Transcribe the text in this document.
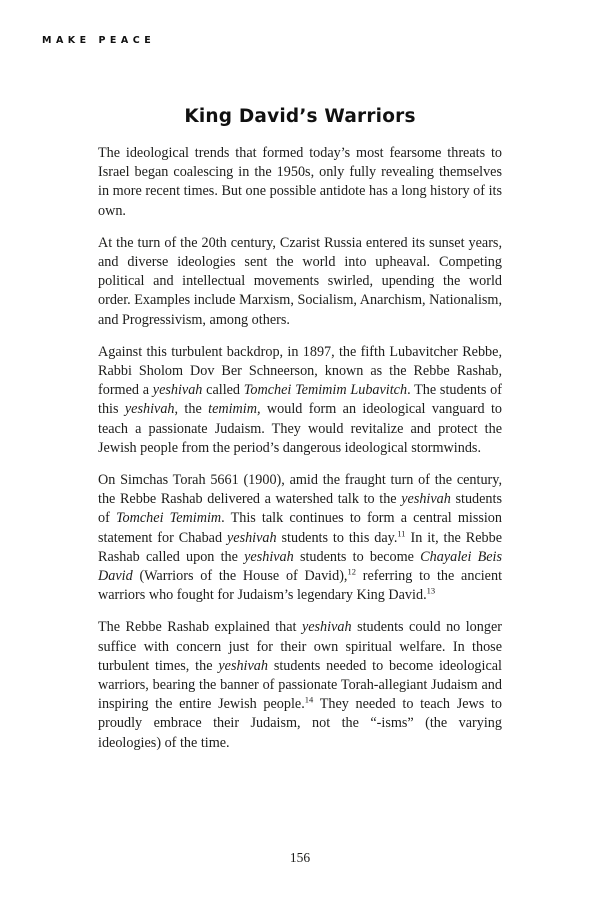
MAKE PEACE
King David’s Warriors

The ideological trends that formed today’s most fearsome threats to Israel began coalescing in the 1950s, only fully revealing themselves in more recent times. But one possible antidote has a long history of its own.

At the turn of the 20th century, Czarist Russia entered its sunset years, and diverse ideologies sent the world into upheaval. Competing political and intellectual movements swirled, upending the world order. Examples include Marxism, Socialism, Anarchism, Nationalism, and Progressivism, among others.

Against this turbulent backdrop, in 1897, the fifth Lubavitcher Rebbe, Rabbi Sholom Dov Ber Schneerson, known as the Rebbe Rashab, formed a yeshivah called Tomchei Temimim Lubavitch. The students of this yeshivah, the temimim, would form an ideological vanguard to teach a passionate Judaism. They would revitalize and protect the Jewish people from the period’s dangerous ideological stormwinds.

On Simchas Torah 5661 (1900), amid the fraught turn of the century, the Rebbe Rashab delivered a watershed talk to the yeshivah students of Tomchei Temimim. This talk continues to form a central mission statement for Chabad yeshivah students to this day.$^{11}$ In it, the Rebbe Rashab called upon the yeshivah students to become Chayalei Beis David (Warriors of the House of David),$^{12}$ referring to the ancient warriors who fought for Judaism’s legendary King David.$^{13}$

The Rebbe Rashab explained that yeshivah students could no longer suffice with concern just for their own spiritual welfare. In those turbulent times, the yeshivah students needed to become ideological warriors, bearing the banner of passionate Torah-allegiant Judaism and inspiring the entire Jewish people.$^{14}$ They needed to teach Jews to proudly embrace their Judaism, not the “-isms” (the varying ideologies) of the time.

156
